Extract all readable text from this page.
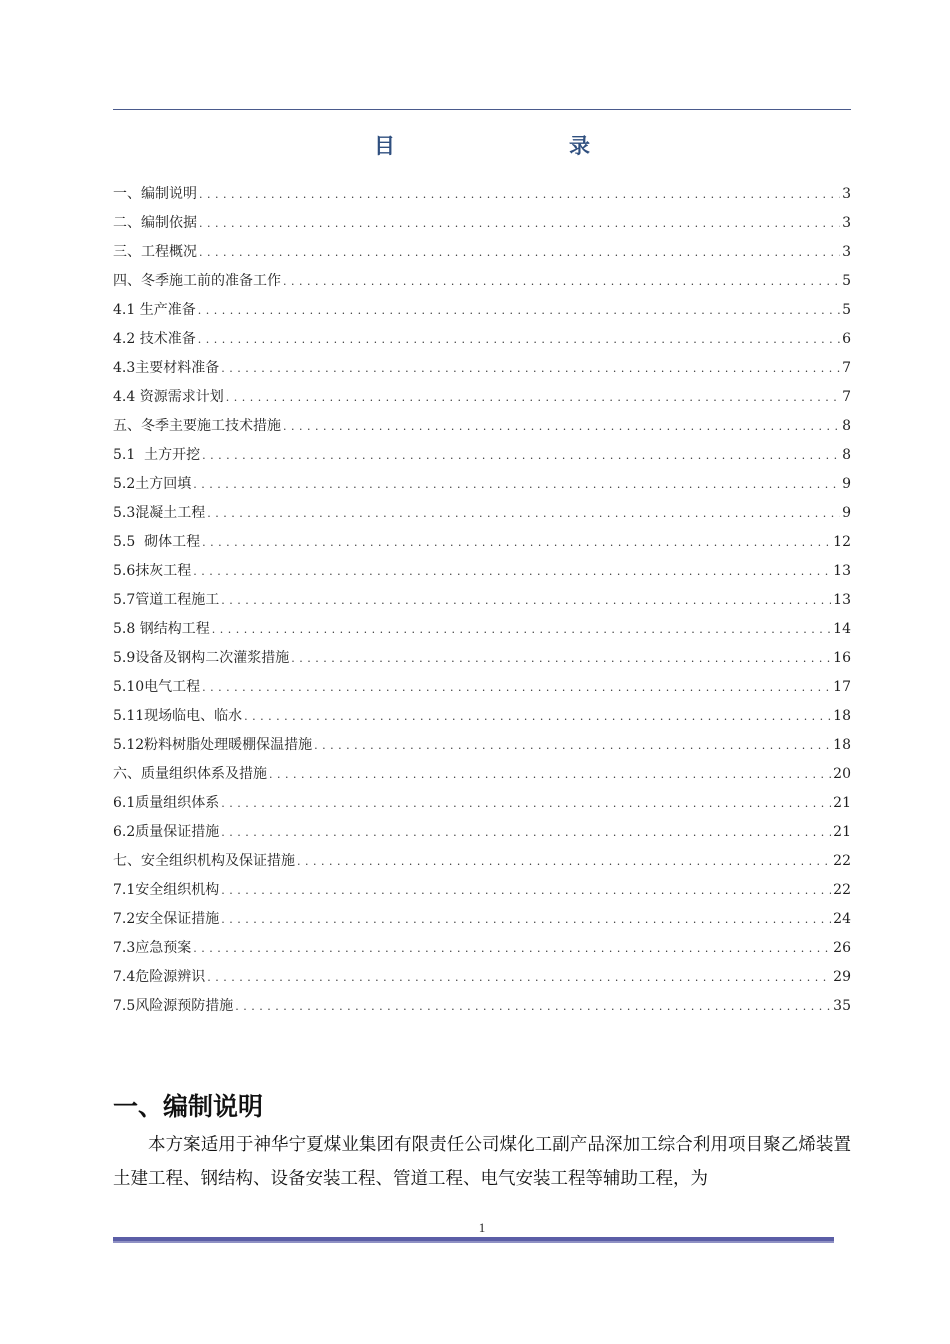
目　　录
一、编制说明 . . .	3
二、编制依据 . . .	3
三、工程概况 . . .	3
四、冬季施工前的准备工作 . . .	5
4.1 生产准备 . . .	5
4.2 技术准备 . . .	6
4.3主要材料准备 . . .	7
4.4 资源需求计划 . . .	7
五、冬季主要施工技术措施 . . .	8
5.1  土方开挖 . . .	8
5.2土方回填 . . .	9
5.3混凝土工程 . . .	9
5.5  砌体工程 . . .	12
5.6抹灰工程 . . .	13
5.7管道工程施工 . . .	13
5.8 钢结构工程 . . .	14
5.9设备及钢构二次灌浆措施 . . .	16
5.10电气工程 . . .	17
5.11现场临电、临水 . . .	18
5.12粉料树脂处理暖棚保温措施 . . .	18
六、质量组织体系及措施 . . .	20
6.1质量组织体系 . . .	21
6.2质量保证措施 . . .	21
七、安全组织机构及保证措施 . . .	22
7.1安全组织机构 . . .	22
7.2安全保证措施 . . .	24
7.3应急预案 . . .	26
7.4危险源辨识 . . .	29
7.5风险源预防措施 . . .	35
一、编制说明
本方案适用于神华宁夏煤业集团有限责任公司煤化工副产品深加工综合利用项目聚乙烯装置土建工程、钢结构、设备安装工程、管道工程、电气安装工程等辅助工程，为
1
